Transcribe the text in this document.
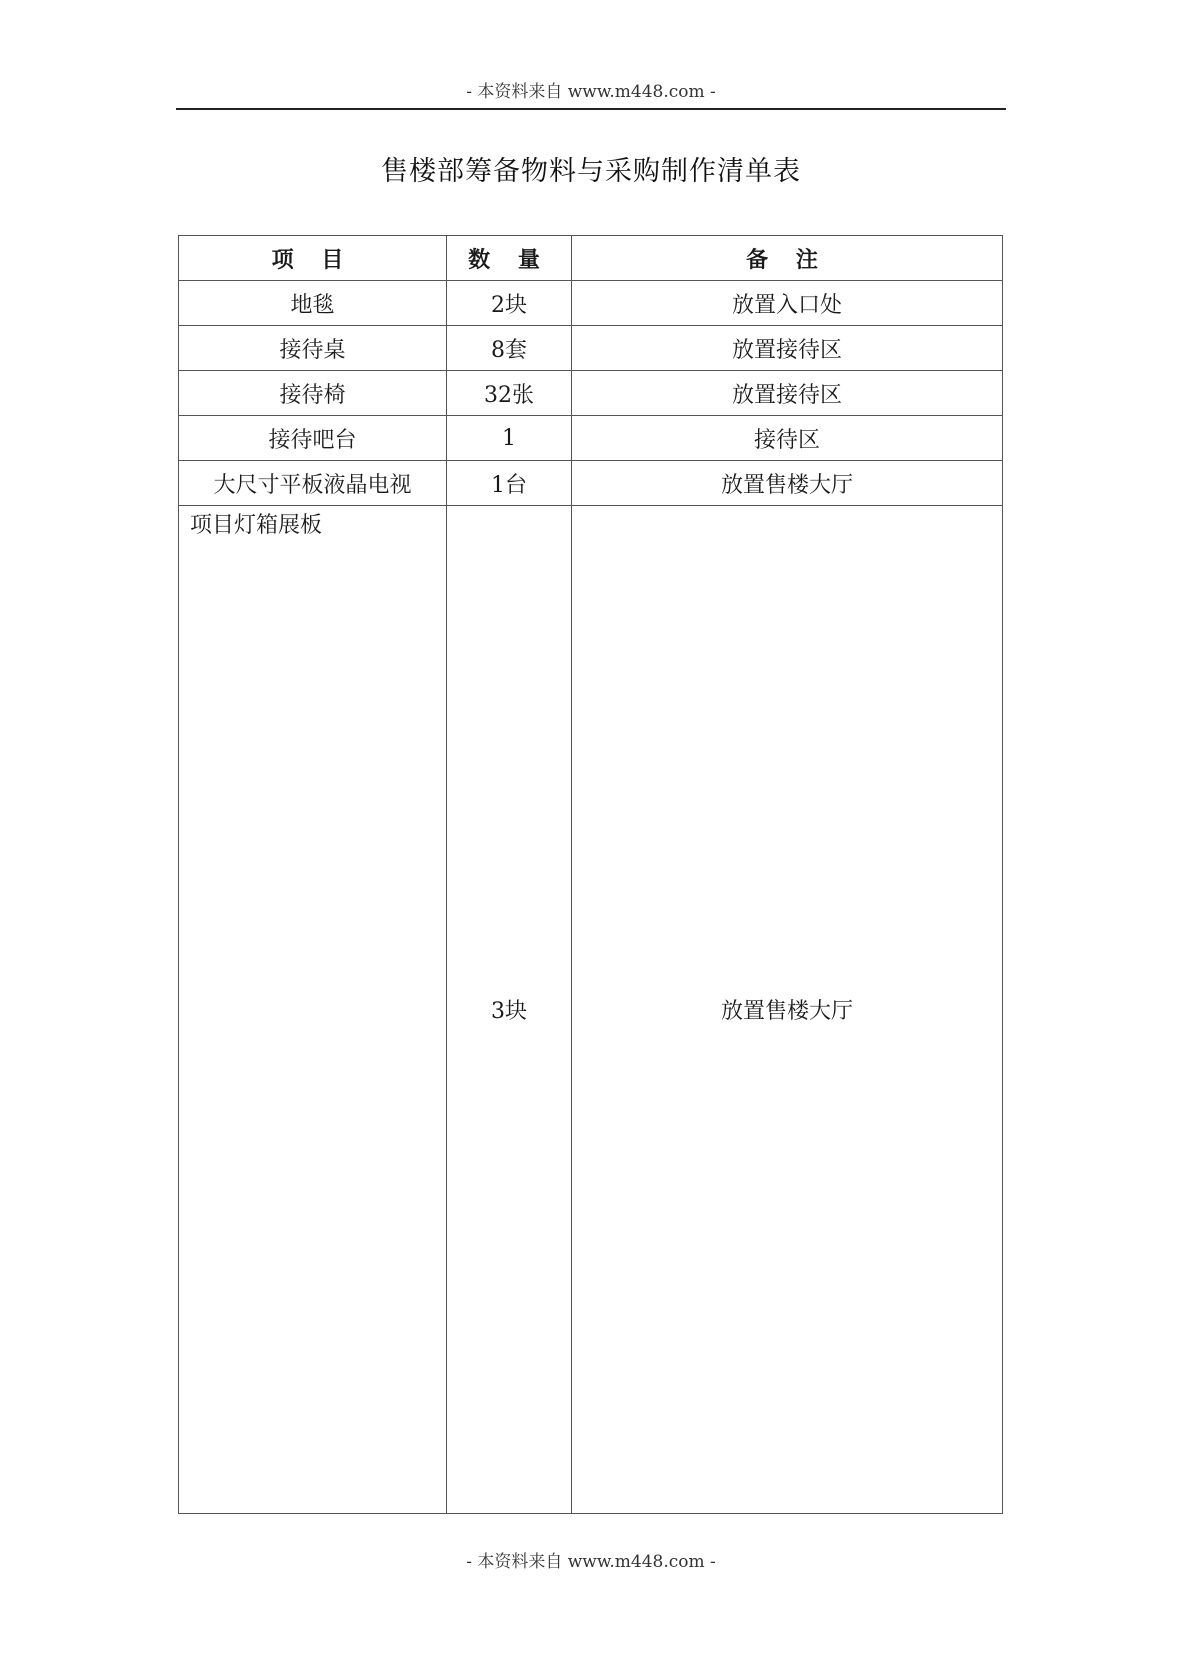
- 本资料来自 www.m448.com -
售楼部筹备物料与采购制作清单表
项 目	数 量	备 注
地毯	2块	放置入口处
接待桌	8套	放置接待区
接待椅	32张	放置接待区
接待吧台	1	接待区
大尺寸平板液晶电视	1台	放置售楼大厅
项目灯箱展板	3块	放置售楼大厅
- 本资料来自 www.m448.com -
